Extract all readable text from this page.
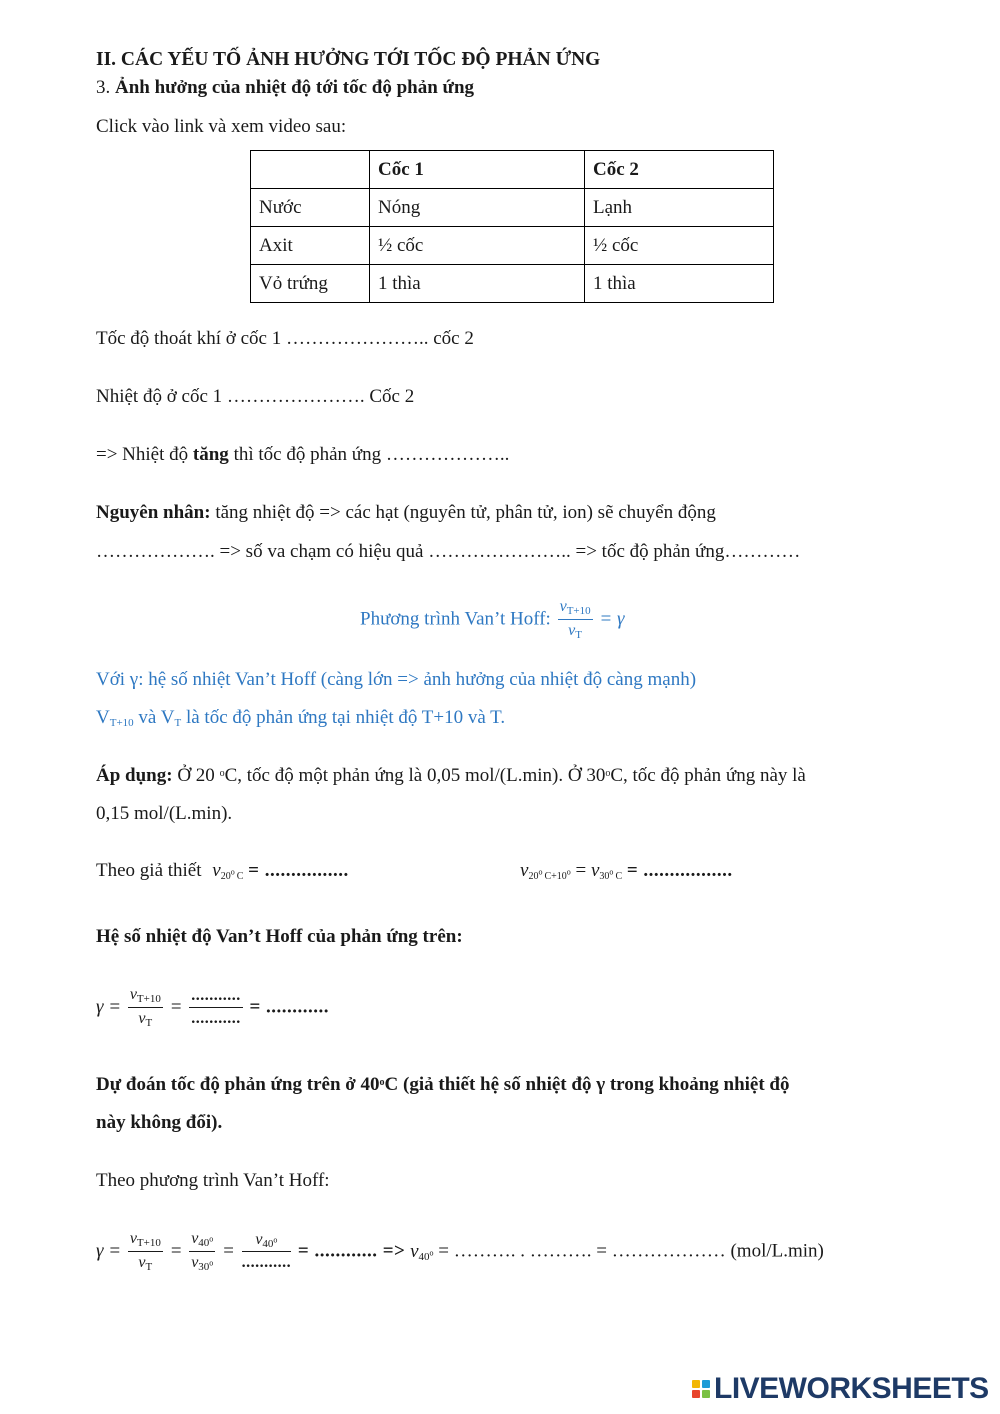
II. CÁC YẾU TỐ ẢNH HƯỞNG TỚI TỐC ĐỘ PHẢN ỨNG
3. Ảnh hưởng của nhiệt độ tới tốc độ phản ứng
Click vào link và xem video sau:
	Cốc 1	Cốc 2
Nước	Nóng	Lạnh
Axit	½ cốc	½ cốc
Vỏ trứng	1 thìa	1 thìa
Tốc độ thoát khí ở cốc 1 ………………….. cốc 2
Nhiệt độ ở cốc 1 …………………. Cốc 2
=> Nhiệt độ tăng thì tốc độ phản ứng ………………..
Nguyên nhân: tăng nhiệt độ => các hạt (nguyên tử, phân tử, ion) sẽ chuyển động
………………. => số va chạm có hiệu quả ………………….. => tốc độ phản ứng…………
Phương trình Van’t Hoff: $\frac{v_{T+10}}{v_T} = \gamma$
Với γ: hệ số nhiệt Van’t Hoff (càng lớn => ảnh hưởng của nhiệt độ càng mạnh)
$V_{T+10}$ và $V_T$ là tốc độ phản ứng tại nhiệt độ T+10 và T.
Áp dụng: Ở 20 $^o$C, tốc độ một phản ứng là 0,05 mol/(L.min). Ở 30$^o$C, tốc độ phản ứng này là
0,15 mol/(L.min).
Theo giả thiết $v_{20^o C}$ = ................	$v_{20^o C+10^o} = v_{30^o C}$ = .................
Hệ số nhiệt độ Van’t Hoff của phản ứng trên:
$\gamma = \frac{v_{T+10}}{v_T} = \frac{...........}{...........}$ = ............
Dự đoán tốc độ phản ứng trên ở 40$^o$C (giả thiết hệ số nhiệt độ γ trong khoảng nhiệt độ
này không đổi).
Theo phương trình Van’t Hoff:
$\gamma = \frac{v_{T+10}}{v_T} = \frac{v_{40^o}}{v_{30^o}} = \frac{v_{40^o}}{...........}$ = ............ => $v_{40^o}$ = ………. . ………. = ……………… (mol/L.min)
LIVEWORKSHEETS
